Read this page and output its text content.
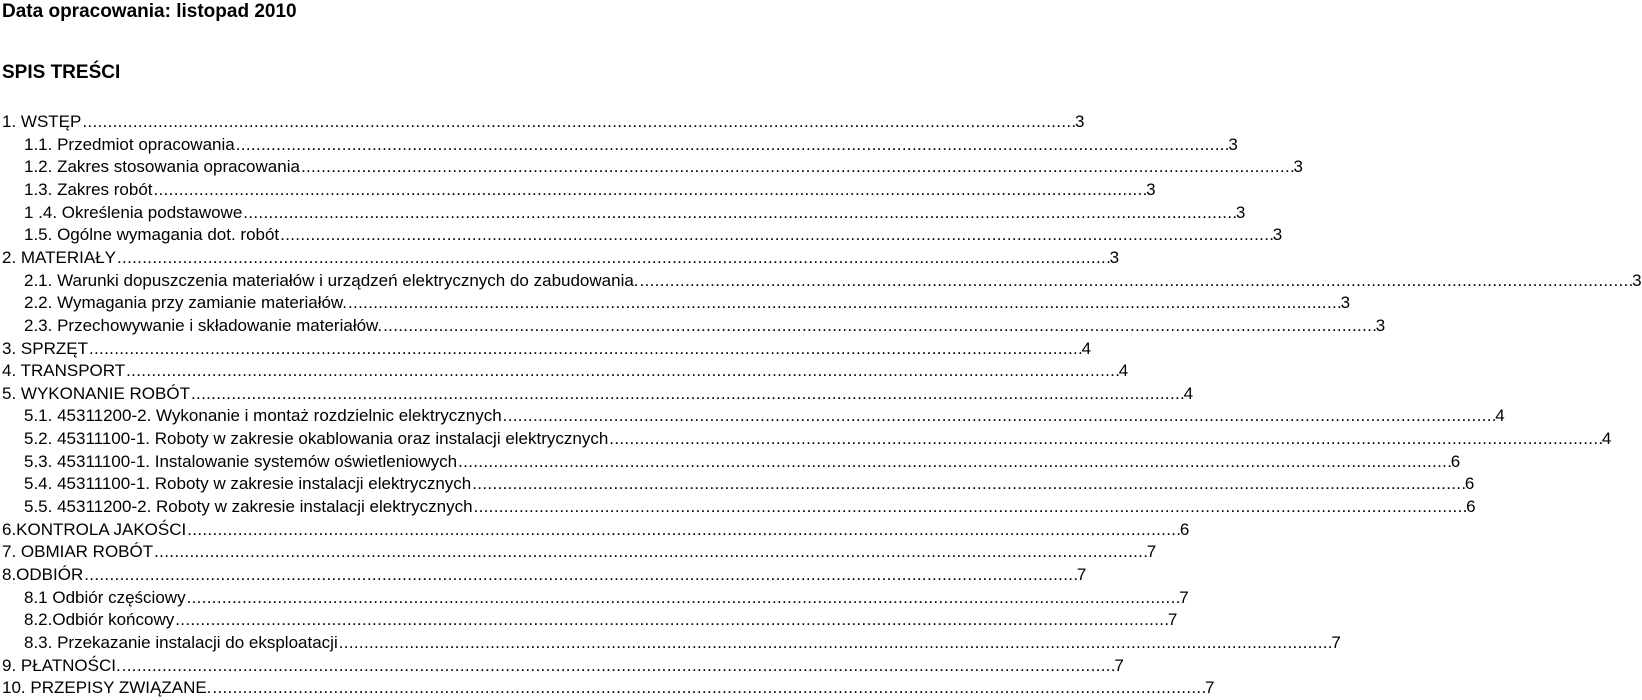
Data opracowania: listopad 2010
SPIS TREŚCI
1. WSTĘP . . .	3
1.1. Przedmiot opracowania . . .	3
1.2. Zakres stosowania opracowania . . .	3
1.3. Zakres robót . . .	3
1 .4. Określenia podstawowe . . .	3
1.5. Ogólne wymagania dot. robót . . .	3
2. MATERIAŁY . . .	3
2.1. Warunki dopuszczenia materiałów i urządzeń elektrycznych do zabudowania. . . .	3
2.2. Wymagania przy zamianie materiałów. . . .	3
2.3. Przechowywanie i składowanie materiałów. . . .	3
3. SPRZĘT . . .	4
4. TRANSPORT . . .	4
5. WYKONANIE ROBÓT . . .	4
5.1. 45311200-2. Wykonanie i montaż rozdzielnic elektrycznych . . .	4
5.2. 45311100-1. Roboty w zakresie okablowania oraz instalacji elektrycznych . . .	4
5.3. 45311100-1. Instalowanie systemów oświetleniowych . . .	6
5.4. 45311100-1. Roboty w zakresie instalacji elektrycznych . . .	6
5.5. 45311200-2. Roboty w zakresie instalacji elektrycznych . . .	6
6.KONTROLA JAKOŚCI . . .	6
7. OBMIAR ROBÓT . . .	7
8.ODBIÓR . . .	7
8.1 Odbiór częściowy . . .	7
8.2.Odbiór końcowy . . .	7
8.3. Przekazanie instalacji do eksploatacji . . .	7
9. PŁATNOŚCI. . . .	7
10. PRZEPISY ZWIĄZANE. . . .	7
